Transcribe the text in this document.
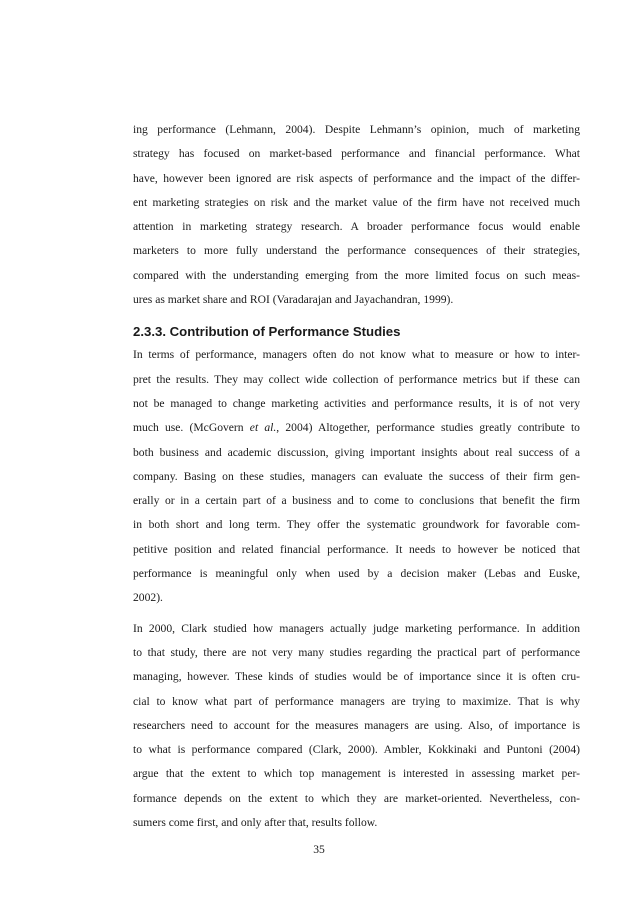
ing performance (Lehmann, 2004). Despite Lehmann’s opinion, much of marketing
strategy has focused on market-based performance and financial performance. What
have, however been ignored are risk aspects of performance and the impact of the differ-
ent marketing strategies on risk and the market value of the firm have not received much
attention in marketing strategy research. A broader performance focus would enable
marketers to more fully understand the performance consequences of their strategies,
compared with the understanding emerging from the more limited focus on such meas-
ures as market share and ROI (Varadarajan and Jayachandran, 1999).
2.3.3. Contribution of Performance Studies
In terms of performance, managers often do not know what to measure or how to inter-
pret the results. They may collect wide collection of performance metrics but if these can
not be managed to change marketing activities and performance results, it is of not very
much use. (McGovern et al., 2004) Altogether, performance studies greatly contribute to
both business and academic discussion, giving important insights about real success of a
company. Basing on these studies, managers can evaluate the success of their firm gen-
erally or in a certain part of a business and to come to conclusions that benefit the firm
in both short and long term. They offer the systematic groundwork for favorable com-
petitive position and related financial performance. It needs to however be noticed that
performance is meaningful only when used by a decision maker (Lebas and Euske,
2002).
In 2000, Clark studied how managers actually judge marketing performance. In addition
to that study, there are not very many studies regarding the practical part of performance
managing, however. These kinds of studies would be of importance since it is often cru-
cial to know what part of performance managers are trying to maximize. That is why
researchers need to account for the measures managers are using. Also, of importance is
to what is performance compared (Clark, 2000). Ambler, Kokkinaki and Puntoni (2004)
argue that the extent to which top management is interested in assessing market per-
formance depends on the extent to which they are market-oriented. Nevertheless, con-
sumers come first, and only after that, results follow.
35
